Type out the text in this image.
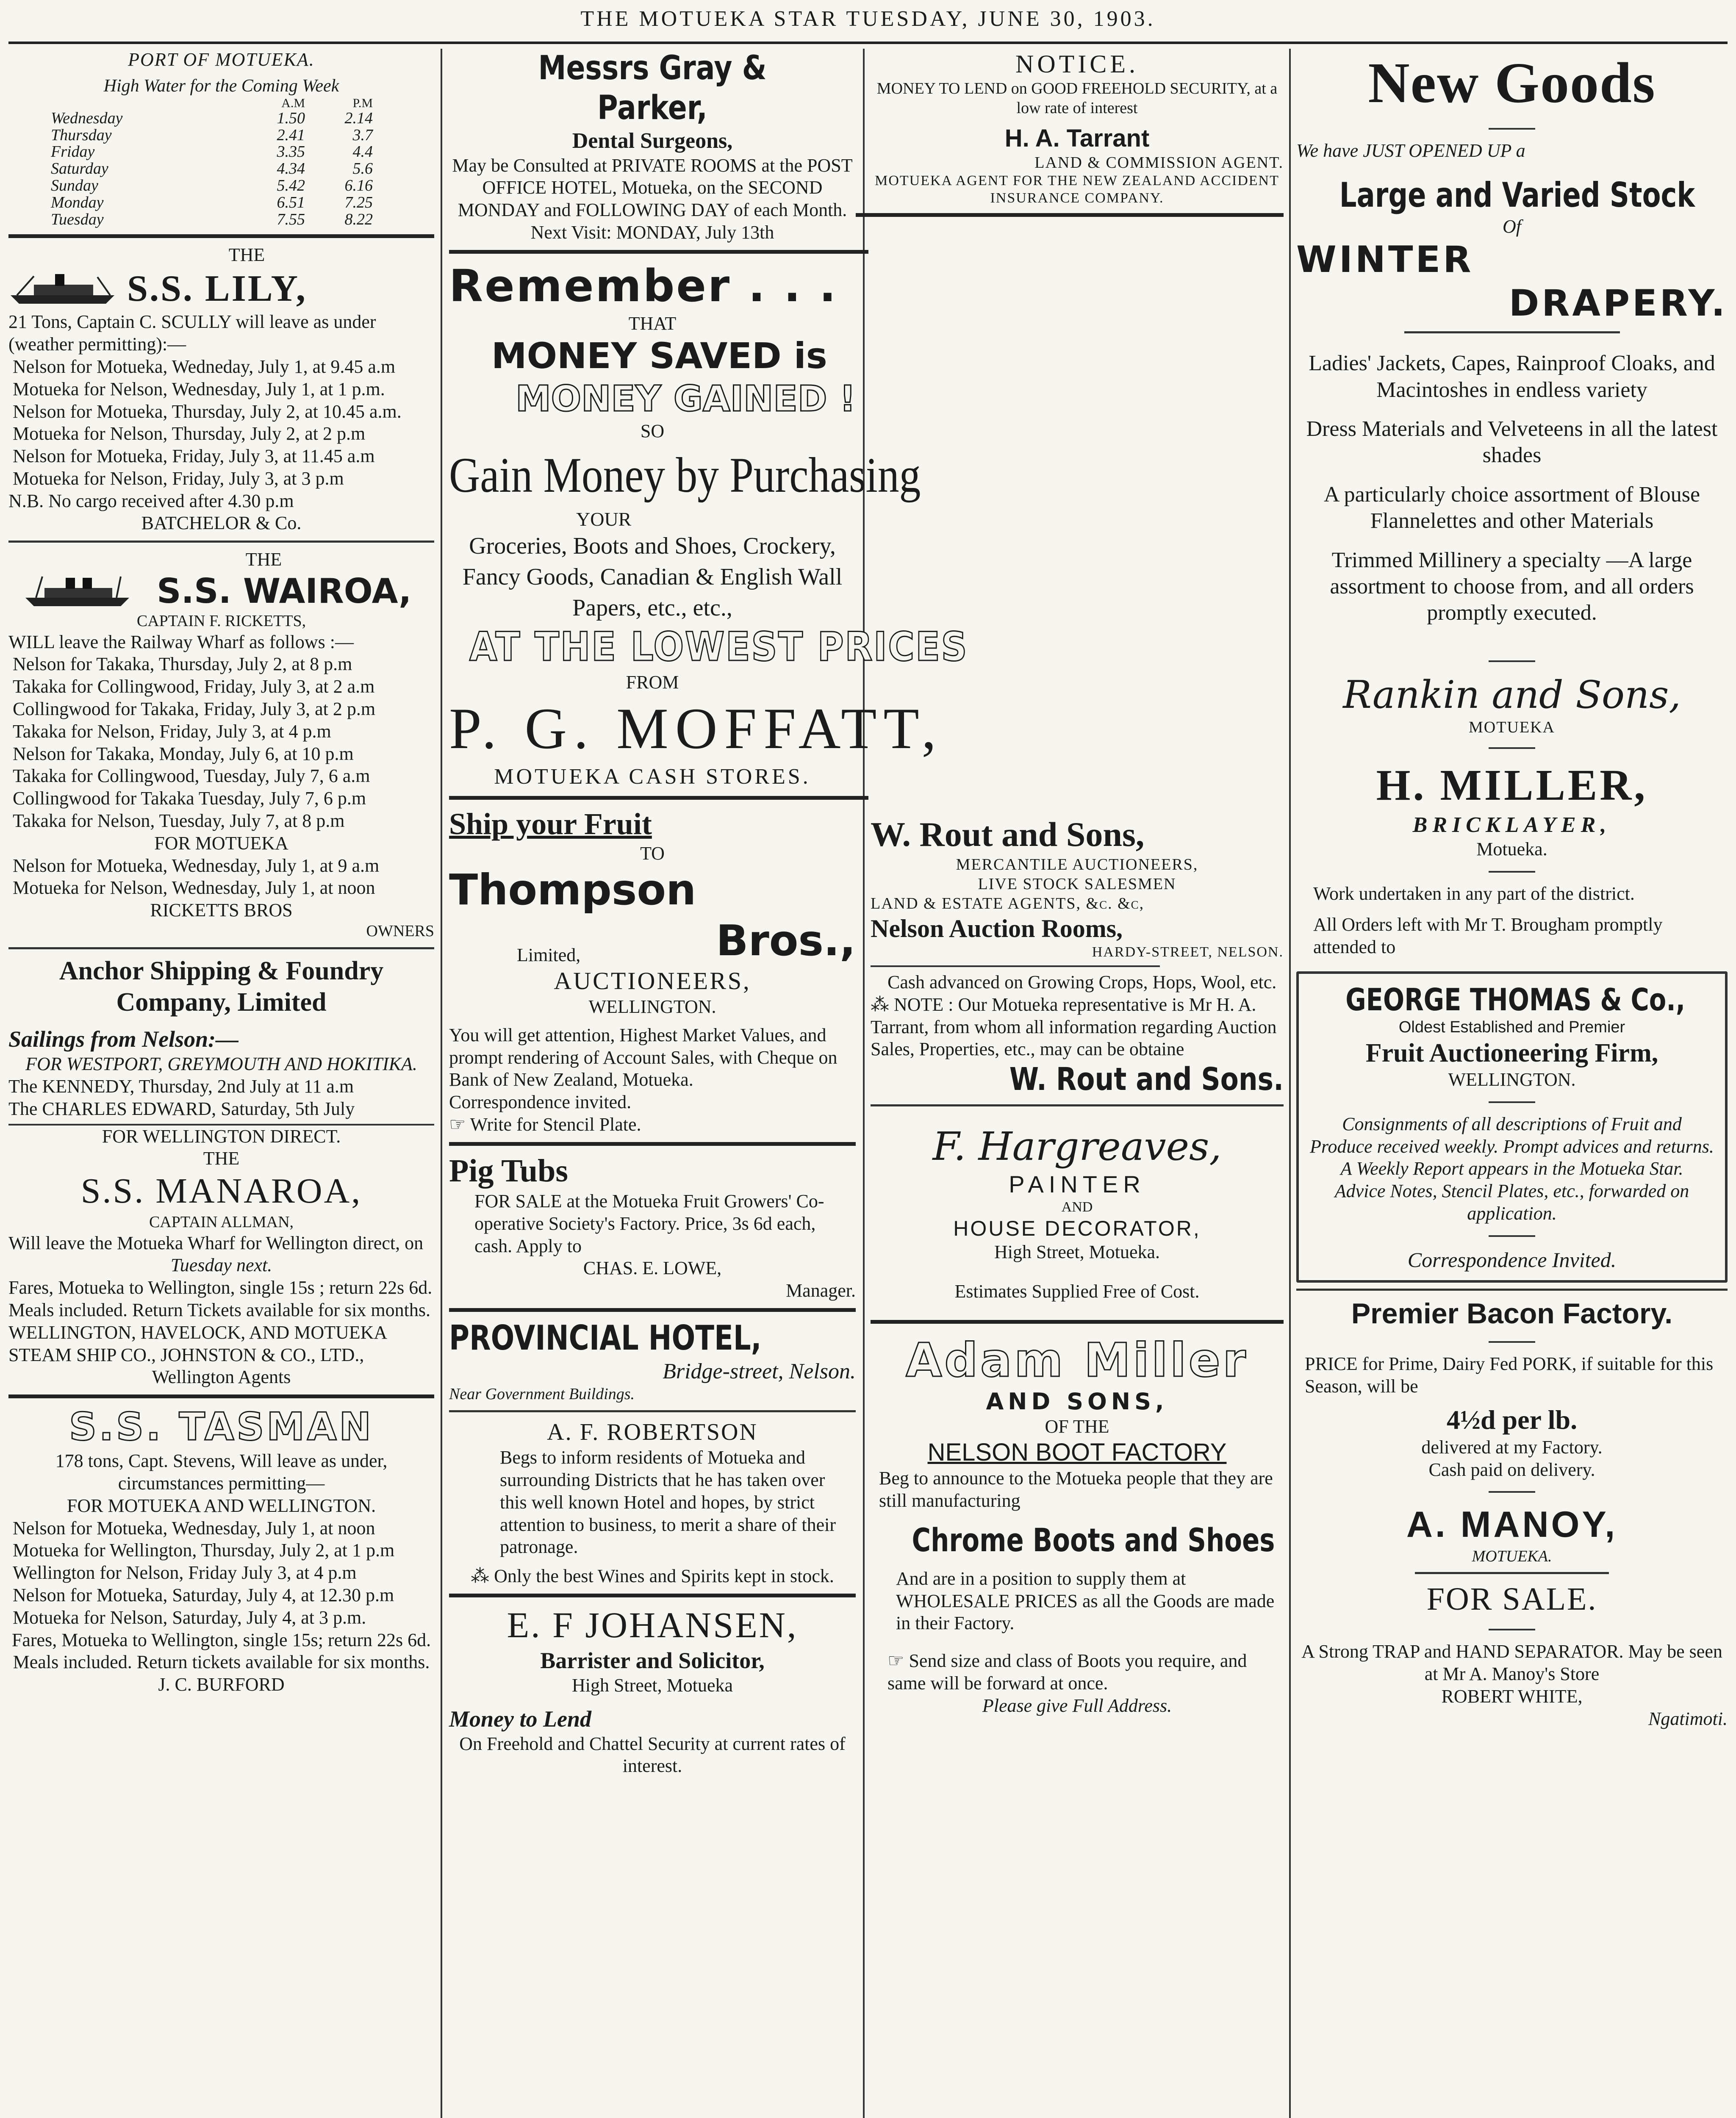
THE MOTUEKA STAR TUESDAY, JUNE 30, 1903.
PORT OF MOTUEKA.
High Water for the Coming Week
A.M	P.M
Wednesday	1.50	2.14
Thursday	2.41	3.7
Friday	3.35	4.4
Saturday	4.34	5.6
Sunday	5.42	6.16
Monday	6.51	7.25
Tuesday	7.55	8.22
THE
S.S. LILY,
21 Tons, Captain C. SCULLY will leave as under (weather permitting):—
Nelson for Motueka, Wedneday, July 1, at 9.45 a.m
Motueka for Nelson, Wednesday, July 1, at 1 p.m.
Nelson for Motueka, Thursday, July 2, at 10.45 a.m.
Motueka for Nelson, Thursday, July 2, at 2 p.m
Nelson for Motueka, Friday, July 3, at 11.45 a.m
Motueka for Nelson, Friday, July 3, at 3 p.m
N.B. No cargo received after 4.30 p.m
BATCHELOR & Co.
THE
S.S. WAIROA,
CAPTAIN F. RICKETTS,
WILL leave the Railway Wharf as follows :—
Nelson for Takaka, Thursday, July 2, at 8 p.m
Takaka for Collingwood, Friday, July 3, at 2 a.m
Collingwood for Takaka, Friday, July 3, at 2 p.m
Takaka for Nelson, Friday, July 3, at 4 p.m
Nelson for Takaka, Monday, July 6, at 10 p.m
Takaka for Collingwood, Tuesday, July 7, 6 a.m
Collingwood for Takaka Tuesday, July 7, 6 p.m
Takaka for Nelson, Tuesday, July 7, at 8 p.m
FOR MOTUEKA
Nelson for Motueka, Wednesday, July 1, at 9 a.m
Motueka for Nelson, Wednesday, July 1, at noon
RICKETTS BROS
OWNERS
Anchor Shipping & Foundry Company, Limited
Sailings from Nelson:—
FOR WESTPORT, GREYMOUTH AND HOKITIKA.
The KENNEDY, Thursday, 2nd July at 11 a.m
The CHARLES EDWARD, Saturday, 5th July
FOR WELLINGTON DIRECT.
THE
S.S. MANAROA,
CAPTAIN ALLMAN,
Will leave the Motueka Wharf for Wellington direct, on
Tuesday next.
Fares, Motueka to Wellington, single 15s ; return 22s 6d. Meals included. Return Tickets available for six months.
WELLINGTON, HAVELOCK, AND MOTUEKA STEAM SHIP CO., JOHNSTON & CO., LTD.,
Wellington Agents
S.S. TASMAN
178 tons, Capt. Stevens, Will leave as under, circumstances permitting—
FOR MOTUEKA AND WELLINGTON.
Nelson for Motueka, Wednesday, July 1, at noon
Motueka for Wellington, Thursday, July 2, at 1 p.m
Wellington for Nelson, Friday July 3, at 4 p.m
Nelson for Motueka, Saturday, July 4, at 12.30 p.m
Motueka for Nelson, Saturday, July 4, at 3 p.m.
Fares, Motueka to Wellington, single 15s; return 22s 6d. Meals included. Return tickets available for six months.
J. C. BURFORD
Messrs Gray & Parker,
Dental Surgeons,
May be Consulted at PRIVATE ROOMS at the POST OFFICE HOTEL, Motueka, on the SECOND MONDAY and FOLLOWING DAY of each Month.
Next Visit: MONDAY, July 13th
Remember . . .
THAT
MONEY SAVED is
MONEY GAINED !
SO
Gain Money by Purchasing
YOUR
Groceries, Boots and Shoes, Crockery, Fancy Goods, Canadian & English Wall Papers, etc., etc.,
AT THE LOWEST PRICES
FROM
P. G. MOFFATT,
MOTUEKA CASH STORES.
Ship your Fruit
TO
Thompson
Limited,	Bros.,
AUCTIONEERS,
WELLINGTON.
You will get attention, Highest Market Values, and prompt rendering of Account Sales, with Cheque on Bank of New Zealand, Motueka.
Correspondence invited.
☞ Write for Stencil Plate.
Pig Tubs
FOR SALE at the Motueka Fruit Growers' Co-operative Society's Factory. Price, 3s 6d each, cash. Apply to
CHAS. E. LOWE,
Manager.
PROVINCIAL HOTEL,
Bridge-street, Nelson.
Near Government Buildings.
A. F. ROBERTSON
Begs to inform residents of Motueka and surrounding Districts that he has taken over this well known Hotel and hopes, by strict attention to business, to merit a share of their patronage.
⁂ Only the best Wines and Spirits kept in stock.
E. F JOHANSEN,
Barrister and Solicitor,
High Street, Motueka
Money to Lend
On Freehold and Chattel Security at current rates of interest.
NOTICE.
MONEY TO LEND on GOOD FREEHOLD SECURITY, at a low rate of interest
H. A. Tarrant
LAND & COMMISSION AGENT.
MOTUEKA AGENT FOR THE NEW ZEALAND ACCIDENT INSURANCE COMPANY.
W. Rout and Sons,
MERCANTILE AUCTIONEERS,
LIVE STOCK SALESMEN
LAND & ESTATE AGENTS, &c. &c,
Nelson Auction Rooms,
HARDY-STREET, NELSON.
Cash advanced on Growing Crops, Hops, Wool, etc.
⁂ NOTE : Our Motueka representative is Mr H. A. Tarrant, from whom all information regarding Auction Sales, Properties, etc., may can be obtaine
W. Rout and Sons.
F. Hargreaves,
PAINTER
AND
HOUSE DECORATOR,
High Street, Motueka.
Estimates Supplied Free of Cost.
Adam Miller
AND SONS,
OF THE
NELSON BOOT FACTORY
Beg to announce to the Motueka people that they are still manufacturing
Chrome Boots and Shoes
And are in a position to supply them at WHOLESALE PRICES as all the Goods are made in their Factory.
☞ Send size and class of Boots you require, and same will be forward at once.
Please give Full Address.
New Goods
We have JUST OPENED UP a
Large and Varied Stock
Of
WINTER
DRAPERY.
Ladies' Jackets, Capes, Rainproof Cloaks, and Macintoshes in endless variety
Dress Materials and Velveteens in all the latest shades
A particularly choice assortment of Blouse Flannelettes and other Materials
Trimmed Millinery a specialty —A large assortment to choose from, and all orders promptly executed.
Rankin and Sons,
MOTUEKA
H. MILLER,
BRICKLAYER,
Motueka.
Work undertaken in any part of the district.
All Orders left with Mr T. Brougham promptly attended to
GEORGE THOMAS & Co.,
Oldest Established and Premier
Fruit Auctioneering Firm,
WELLINGTON.
Consignments of all descriptions of Fruit and Produce received weekly. Prompt advices and returns.
A Weekly Report appears in the Motueka Star.
Advice Notes, Stencil Plates, etc., forwarded on application.
Correspondence Invited.
Premier Bacon Factory.
PRICE for Prime, Dairy Fed PORK, if suitable for this Season, will be
4½d per lb.
delivered at my Factory.
Cash paid on delivery.
A. MANOY,
MOTUEKA.
FOR SALE.
A Strong TRAP and HAND SEPARATOR. May be seen at Mr A. Manoy's Store
ROBERT WHITE,
Ngatimoti.
